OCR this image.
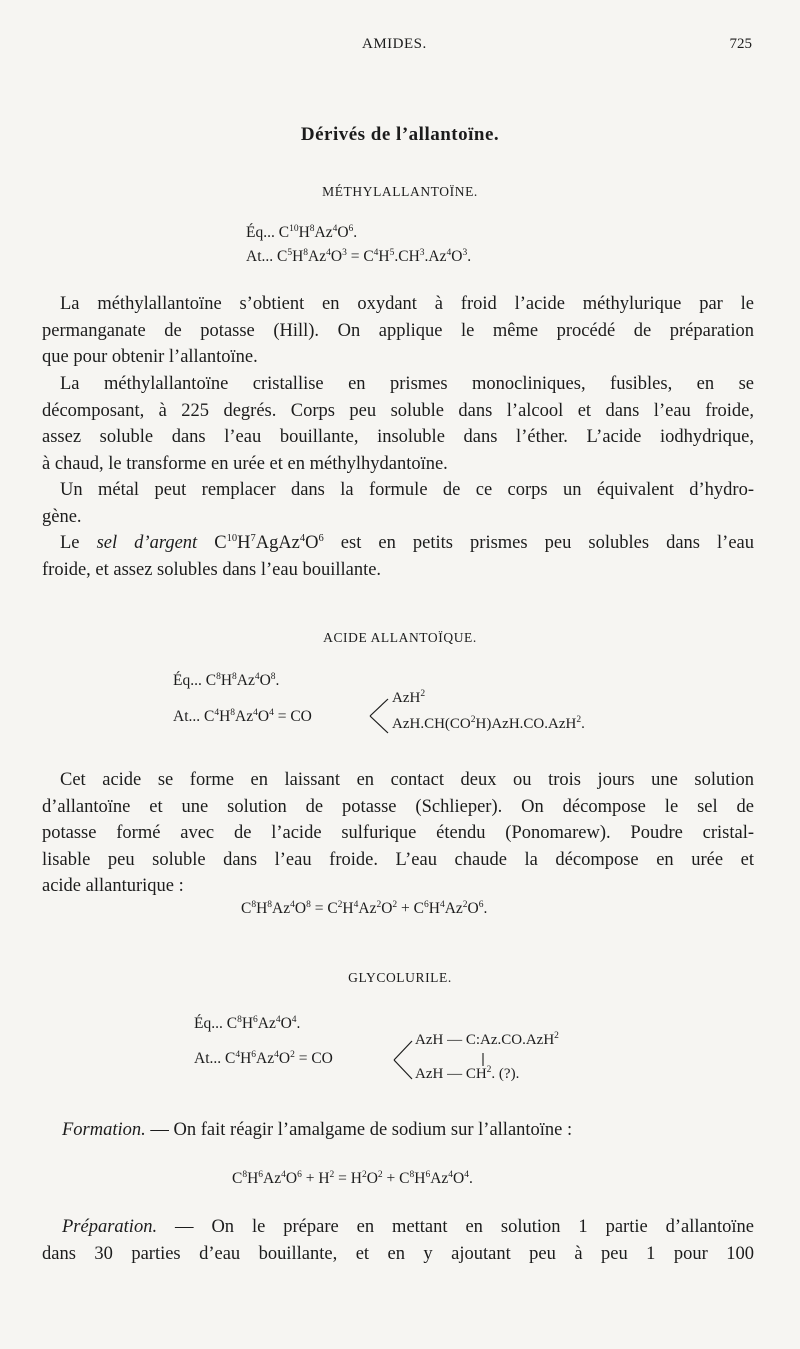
AMIDES.	725
Dérivés de l’allantoïne.
MÉTHYLALLANTOÏNE.
Éq... $C^{10}H^8Az^4O^6$.
At... $C^5H^8Az^4O^3 = C^4H^5.CH^3.Az^4O^3$.
La méthylallantoïne s’obtient en oxydant à froid l’acide méthylurique par le
permanganate de potasse (Hill). On applique le même procédé de préparation
que pour obtenir l’allantoïne.
La méthylallantoïne cristallise en prismes monocliniques, fusibles, en se
décomposant, à 225 degrés. Corps peu soluble dans l’alcool et dans l’eau froide,
assez soluble dans l’eau bouillante, insoluble dans l’éther. L’acide iodhydrique,
à chaud, le transforme en urée et en méthylhydantoïne.
Un métal peut remplacer dans la formule de ce corps un équivalent d’hydro-
gène.
Le sel d’argent $C^{10}H^7AgAz^4O^6$ est en petits prismes peu solubles dans l’eau
froide, et assez solubles dans l’eau bouillante.
ACIDE ALLANTOÏQUE.
Éq... $C^8H^8Az^4O^8$.
At... $C^4H^8Az^4O^4$ = CO
AzH$^2$
$AzH.CH(CO^2H)AzH.CO.AzH^2$.
Cet acide se forme en laissant en contact deux ou trois jours une solution
d’allantoïne et une solution de potasse (Schlieper). On décompose le sel de
potasse formé avec de l’acide sulfurique étendu (Ponomarew). Poudre cristal-
lisable peu soluble dans l’eau froide. L’eau chaude la décompose en urée et
acide allanturique :
$C^8H^8Az^4O^8 = C^2H^4Az^2O^2 + C^6H^4Az^2O^6$.
GLYCOLURILE.
Éq... $C^8H^6Az^4O^4$.
At... $C^4H^6Az^4O^2$ = CO
AzH — C:Az.CO.AzH$^2$
AzH — $CH^2$. (?).
Formation. — On fait réagir l’amalgame de sodium sur l’allantoïne :
$C^8H^6Az^4O^6 + H^2 = H^2O^2 + C^8H^6Az^4O^4$.
Préparation. — On le prépare en mettant en solution 1 partie d’allantoïne
dans 30 parties d’eau bouillante, et en y ajoutant peu à peu 1 pour 100
